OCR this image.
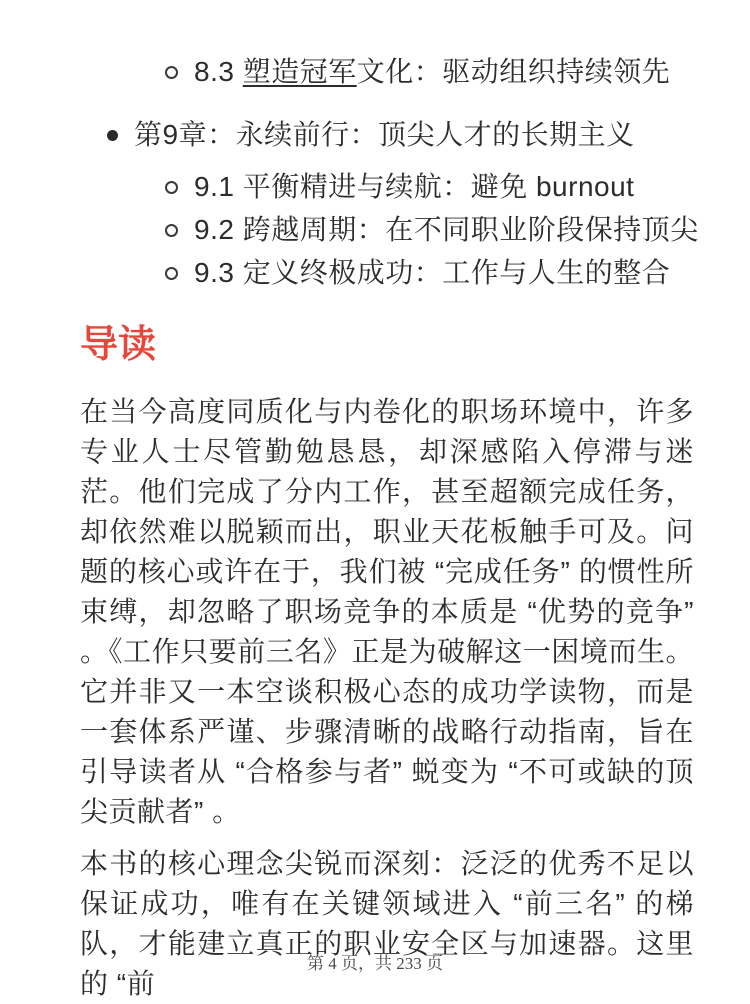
8.3 塑造冠军文化：驱动组织持续领先
第9章：永续前行：顶尖人才的长期主义
9.1 平衡精进与续航：避免 burnout
9.2 跨越周期：在不同职业阶段保持顶尖
9.3 定义终极成功：工作与人生的整合
导读

在当今高度同质化与内卷化的职场环境中，许多专业人士尽管勤勉恳恳，却深感陷入停滞与迷茫。他们完成了分内工作，甚至超额完成任务，却依然难以脱颖而出，职业天花板触手可及。问题的核心或许在于，我们被 “完成任务” 的惯性所束缚，却忽略了职场竞争的本质是 “优势的竞争” 。《工作只要前三名》正是为破解这一困境而生。它并非又一本空谈积极心态的成功学读物，而是一套体系严谨、步骤清晰的战略行动指南，旨在引导读者从 “合格参与者” 蜕变为 “不可或缺的顶尖贡献者” 。

本书的核心理念尖锐而深刻：泛泛的优秀不足以保证成功，唯有在关键领域进入 “前三名” 的梯队，才能建立真正的职业安全区与加速器。这里的 “前

第 4 页，共 233 页
